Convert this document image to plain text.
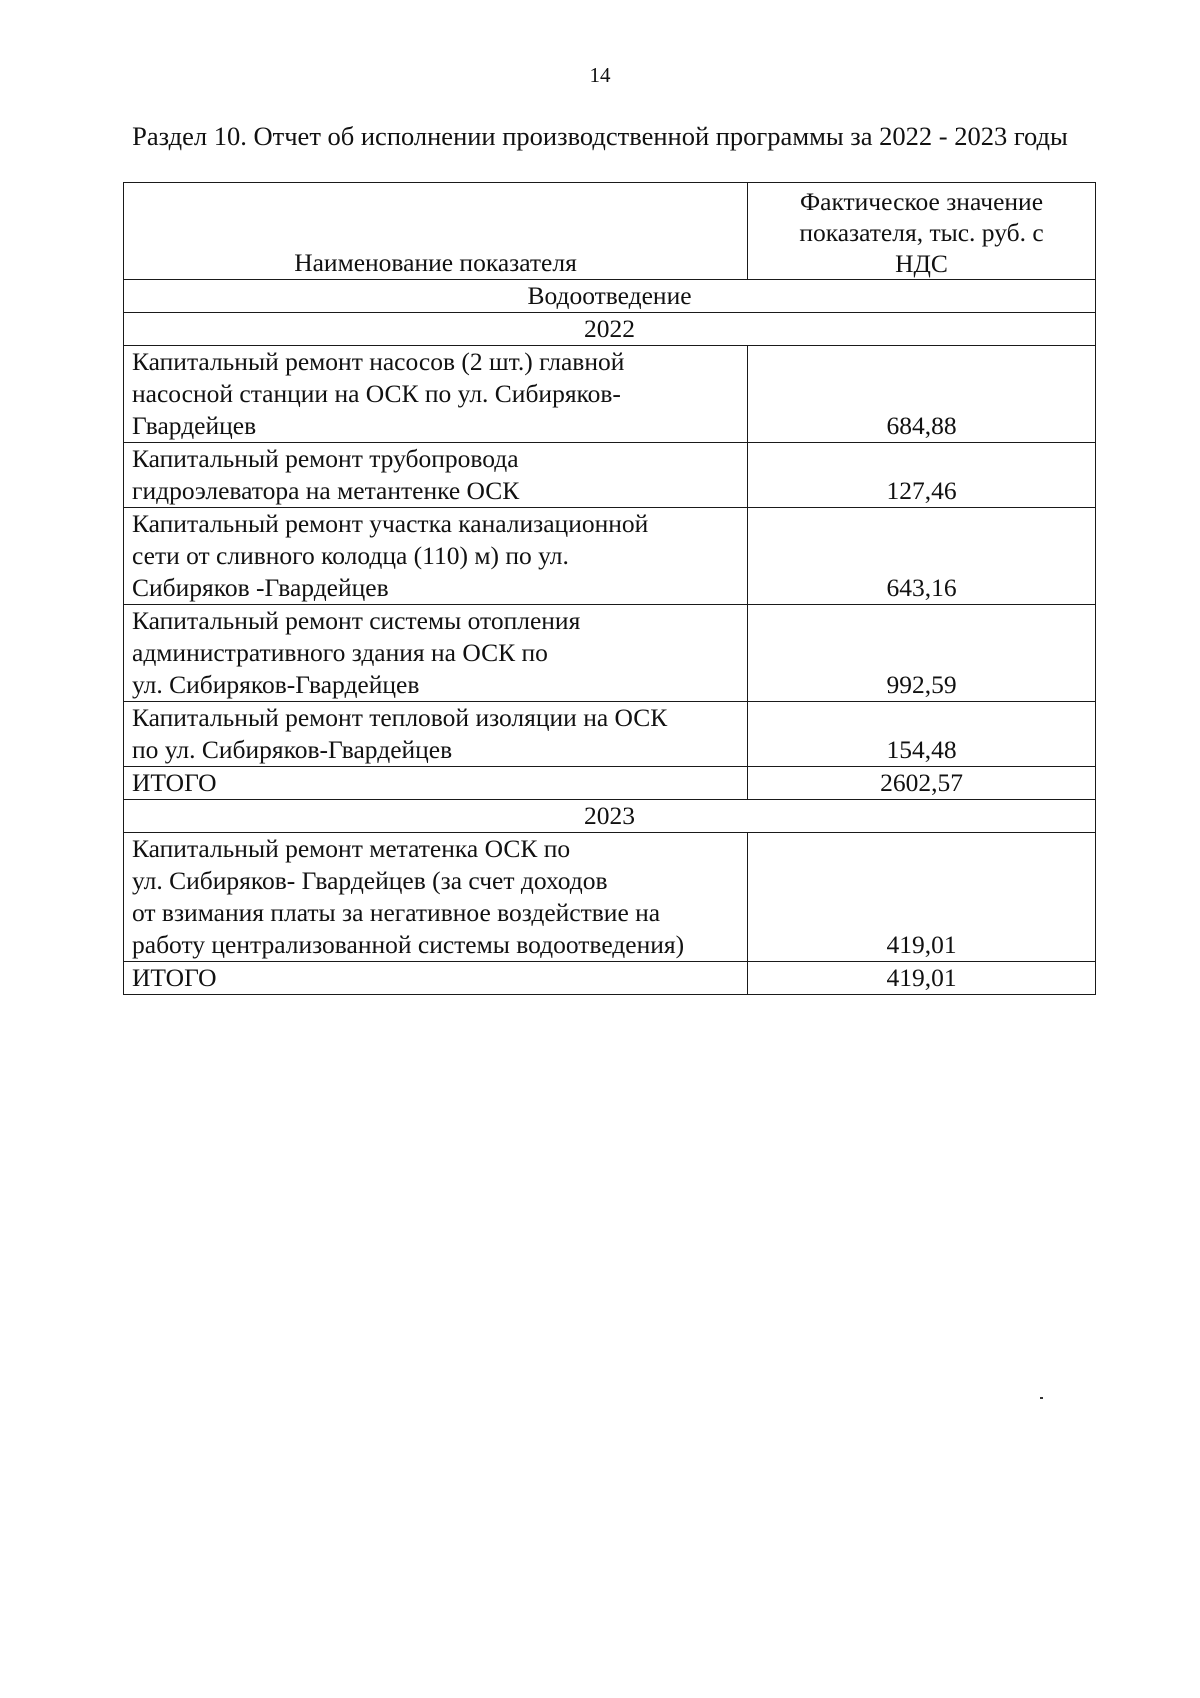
14
Раздел 10. Отчет об исполнении производственной программы за 2022 - 2023 годы
Наименование показателя	Фактическое значение
показателя, тыс. руб. с
НДС

Водоотведение	
2022	

Капитальный ремонт насосов (2 шт.) главной
насосной станции на ОСК по ул. Сибиряков-
Гвардейцев	684,88

Капитальный ремонт трубопровода
гидроэлеватора на метантенке ОСК	127,46

Капитальный ремонт участка канализационной
сети от сливного колодца (110) м) по ул.
Сибиряков -Гвардейцев	643,16

Капитальный ремонт системы отопления
административного здания на ОСК по
ул. Сибиряков-Гвардейцев	992,59

Капитальный ремонт тепловой изоляции на ОСК
по ул. Сибиряков-Гвардейцев	154,48
ИТОГО	2602,57
2023	

Капитальный ремонт метатенка ОСК по
ул. Сибиряков- Гвардейцев (за счет доходов
от взимания платы за негативное воздействие на
работу централизованной системы водоотведения)	419,01
ИТОГО	419,01
